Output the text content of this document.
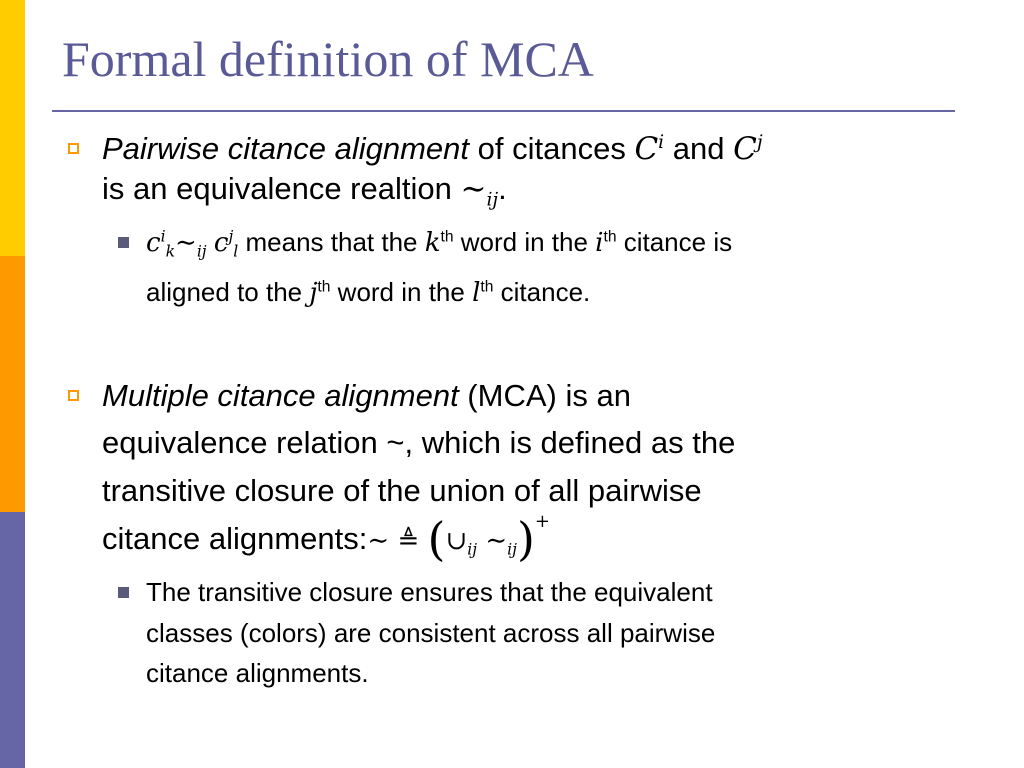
Formal definition of MCA
Pairwise citance alignment of citances $C^i$ and $C^j$
is an equivalence realtion $\sim_{ij}$.
$c^i_k\sim_{ij}$ $c^j_l$ means that the $k^{th}$ word in the $i^{th}$ citance is
aligned to the $j^{th}$ word in the $l^{th}$ citance.
Multiple citance alignment (MCA) is an
equivalence relation ~, which is defined as the
transitive closure of the union of all pairwise
citance alignments:∼ ≜ ($\cup_{ij}$ $\sim_{ij})^+$
The transitive closure ensures that the equivalent
classes (colors) are consistent across all pairwise
citance alignments.
